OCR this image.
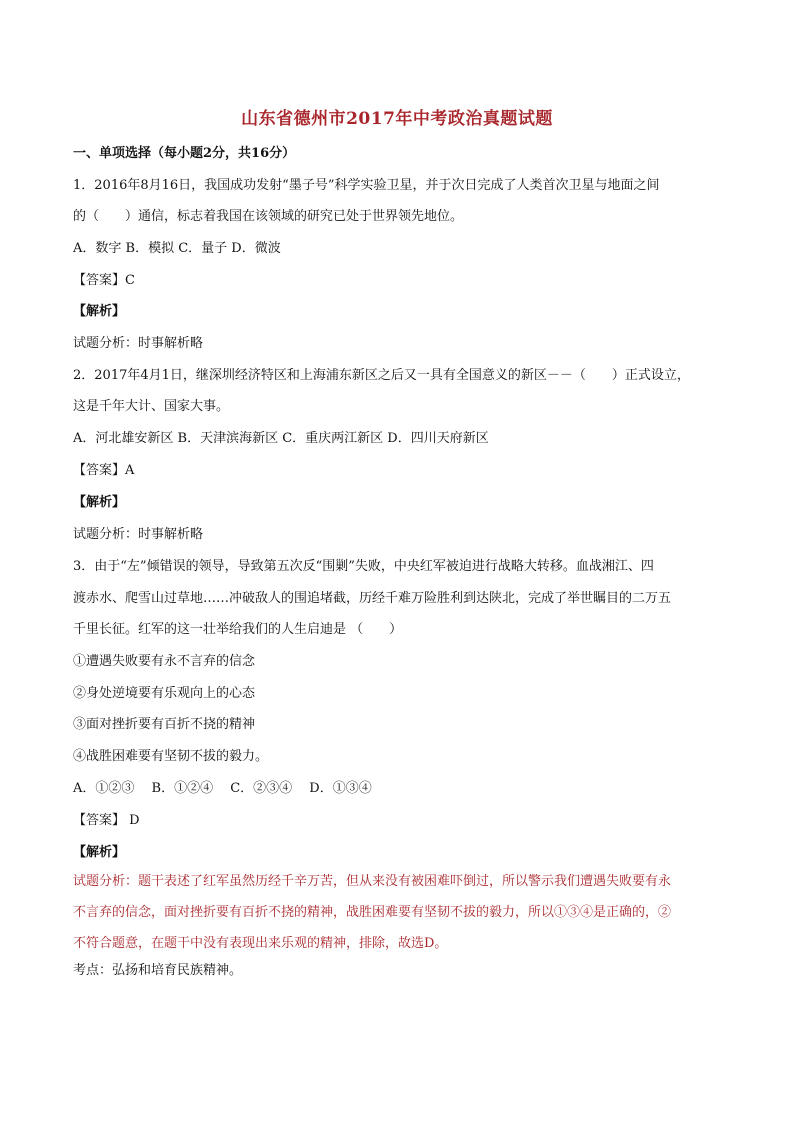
山东省德州市2017年中考政治真题试题
一、单项选择（每小题2分，共16分）
1．2016年8月16日，我国成功发射“墨子号”科学实验卫星，并于次日完成了人类首次卫星与地面之间
的（　　）通信，标志着我国在该领域的研究已处于世界领先地位。
A．数字 B．模拟 C．量子 D．微波
【答案】C
【解析】
试题分析：时事解析略
2．2017年4月1日，继深圳经济特区和上海浦东新区之后又一具有全国意义的新区－－（　　）正式设立，
这是千年大计、国家大事。
A．河北雄安新区 B．天津滨海新区 C．重庆两江新区 D．四川天府新区
【答案】A
【解析】
试题分析：时事解析略
3．由于“左”倾错误的领导，导致第五次反“围剿”失败，中央红军被迫进行战略大转移。血战湘江、四
渡赤水、爬雪山过草地……冲破敌人的围追堵截，历经千难万险胜利到达陕北，完成了举世瞩目的二万五
千里长征。红军的这一壮举给我们的人生启迪是 （　　）
①遭遇失败要有永不言弃的信念
②身处逆境要有乐观向上的心态
③面对挫折要有百折不挠的精神
④战胜困难要有坚韧不拔的毅力。
A．①②③　 B．①②④　 C．②③④　 D．①③④
【答案】 D
【解析】
试题分析：题干表述了红军虽然历经千辛万苦，但从来没有被困难吓倒过，所以警示我们遭遇失败要有永
不言弃的信念，面对挫折要有百折不挠的精神，战胜困难要有坚韧不拔的毅力，所以①③④是正确的，②
不符合题意，在题干中没有表现出来乐观的精神，排除，故选D。
考点：弘扬和培育民族精神。
